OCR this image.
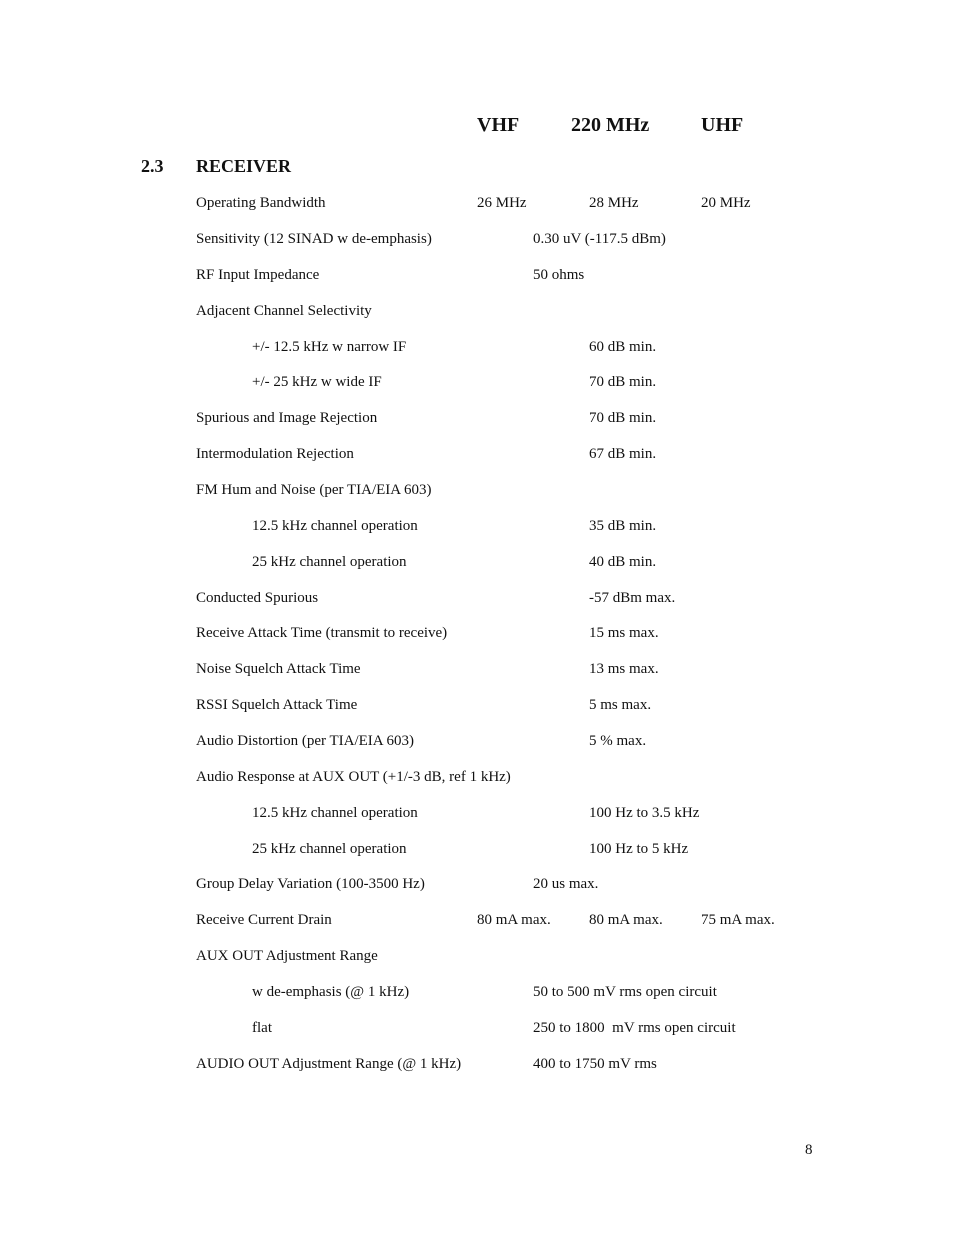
VHF	220 MHz	UHF
2.3 RECEIVER
Operating Bandwidth	26 MHz	28 MHz	20 MHz
Sensitivity (12 SINAD w de-emphasis)	0.30 uV (-117.5 dBm)
RF Input Impedance	50 ohms
Adjacent Channel Selectivity
+/- 12.5 kHz w narrow IF	60 dB min.
+/- 25 kHz w wide IF	70 dB min.
Spurious and Image Rejection	70 dB min.
Intermodulation Rejection	67 dB min.
FM Hum and Noise (per TIA/EIA 603)
12.5 kHz channel operation	35 dB min.
25 kHz channel operation	40 dB min.
Conducted Spurious	-57 dBm max.
Receive Attack Time (transmit to receive)	15 ms max.
Noise Squelch Attack Time	13 ms max.
RSSI Squelch Attack Time	5 ms max.
Audio Distortion (per TIA/EIA 603)	5 % max.
Audio Response at AUX OUT (+1/-3 dB, ref 1 kHz)
12.5 kHz channel operation	100 Hz to 3.5 kHz
25 kHz channel operation	100 Hz to 5 kHz
Group Delay Variation (100-3500 Hz)	20 us max.
Receive Current Drain	80 mA max.	80 mA max.	75 mA max.
AUX OUT Adjustment Range
w de-emphasis (@ 1 kHz)	50 to 500 mV rms open circuit
flat	250 to 1800  mV rms open circuit
AUDIO OUT Adjustment Range (@ 1 kHz)	400 to 1750 mV rms
8
